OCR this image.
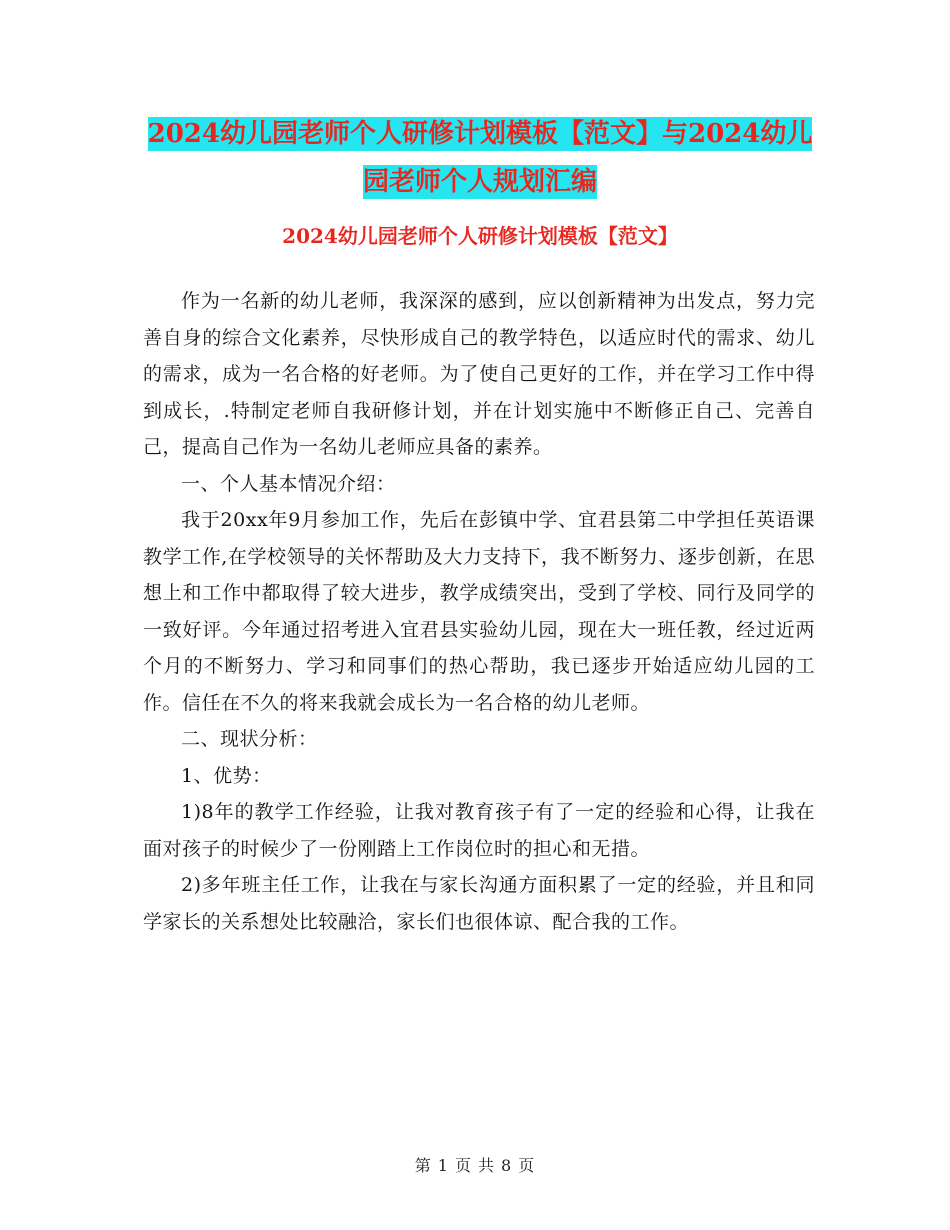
2024幼儿园老师个人研修计划模板【范文】与2024幼儿园老师个人规划汇编
2024幼儿园老师个人研修计划模板【范文】

作为一名新的幼儿老师，我深深的感到，应以创新精神为出发点，努力完善自身的综合文化素养，尽快形成自己的教学特色，以适应时代的需求、幼儿的需求，成为一名合格的好老师。为了使自己更好的工作，并在学习工作中得到成长，.特制定老师自我研修计划，并在计划实施中不断修正自己、完善自己，提高自己作为一名幼儿老师应具备的素养。

一、个人基本情况介绍：

我于20xx年9月参加工作，先后在彭镇中学、宜君县第二中学担任英语课教学工作,在学校领导的关怀帮助及大力支持下，我不断努力、逐步创新，在思想上和工作中都取得了较大进步，教学成绩突出，受到了学校、同行及同学的一致好评。今年通过招考进入宜君县实验幼儿园，现在大一班任教，经过近两个月的不断努力、学习和同事们的热心帮助，我已逐步开始适应幼儿园的工作。信任在不久的将来我就会成长为一名合格的幼儿老师。

二、现状分析：

1、优势：

1)8年的教学工作经验，让我对教育孩子有了一定的经验和心得，让我在面对孩子的时候少了一份刚踏上工作岗位时的担心和无措。

2)多年班主任工作，让我在与家长沟通方面积累了一定的经验，并且和同学家长的关系想处比较融洽，家长们也很体谅、配合我的工作。

第 1 页 共 8 页
